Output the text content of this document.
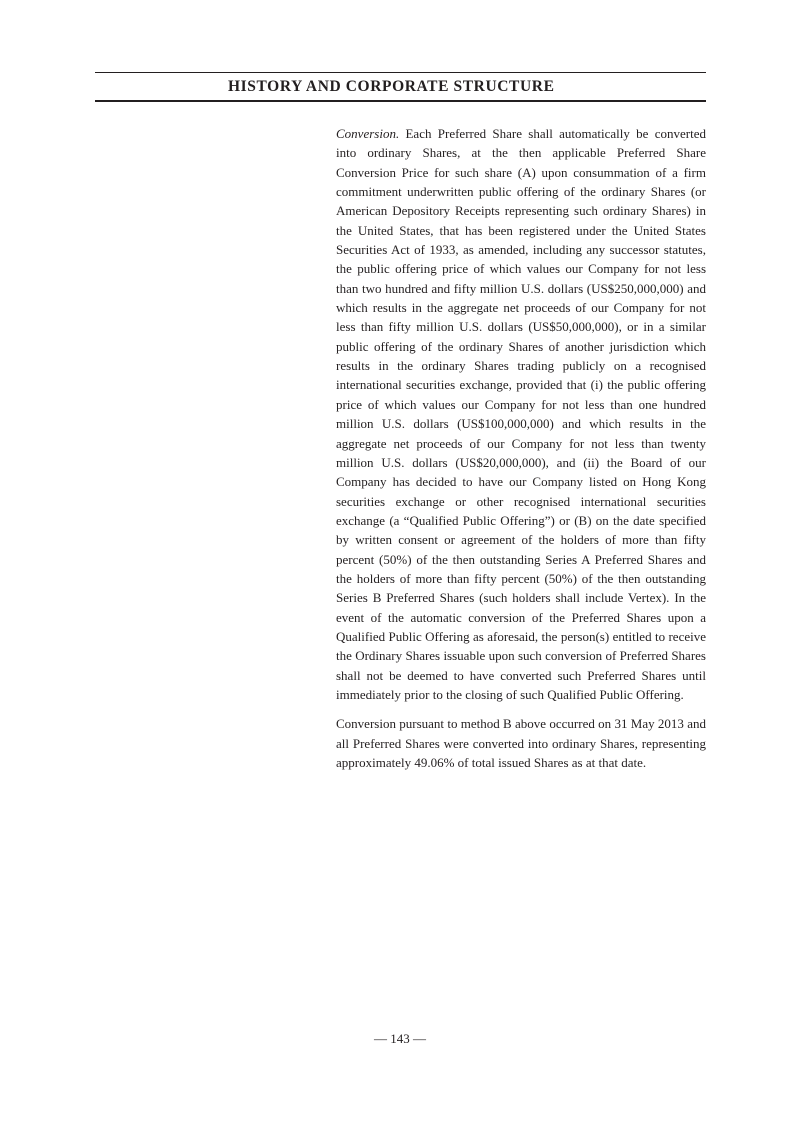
HISTORY AND CORPORATE STRUCTURE

Conversion. Each Preferred Share shall automatically be converted into ordinary Shares, at the then applicable Preferred Share Conversion Price for such share (A) upon consummation of a firm commitment underwritten public offering of the ordinary Shares (or American Depository Receipts representing such ordinary Shares) in the United States, that has been registered under the United States Securities Act of 1933, as amended, including any successor statutes, the public offering price of which values our Company for not less than two hundred and fifty million U.S. dollars (US$250,000,000) and which results in the aggregate net proceeds of our Company for not less than fifty million U.S. dollars (US$50,000,000), or in a similar public offering of the ordinary Shares of another jurisdiction which results in the ordinary Shares trading publicly on a recognised international securities exchange, provided that (i) the public offering price of which values our Company for not less than one hundred million U.S. dollars (US$100,000,000) and which results in the aggregate net proceeds of our Company for not less than twenty million U.S. dollars (US$20,000,000), and (ii) the Board of our Company has decided to have our Company listed on Hong Kong securities exchange or other recognised international securities exchange (a “Qualified Public Offering”) or (B) on the date specified by written consent or agreement of the holders of more than fifty percent (50%) of the then outstanding Series A Preferred Shares and the holders of more than fifty percent (50%) of the then outstanding Series B Preferred Shares (such holders shall include Vertex). In the event of the automatic conversion of the Preferred Shares upon a Qualified Public Offering as aforesaid, the person(s) entitled to receive the Ordinary Shares issuable upon such conversion of Preferred Shares shall not be deemed to have converted such Preferred Shares until immediately prior to the closing of such Qualified Public Offering.

Conversion pursuant to method B above occurred on 31 May 2013 and all Preferred Shares were converted into ordinary Shares, representing approximately 49.06% of total issued Shares as at that date.

— 143 —
